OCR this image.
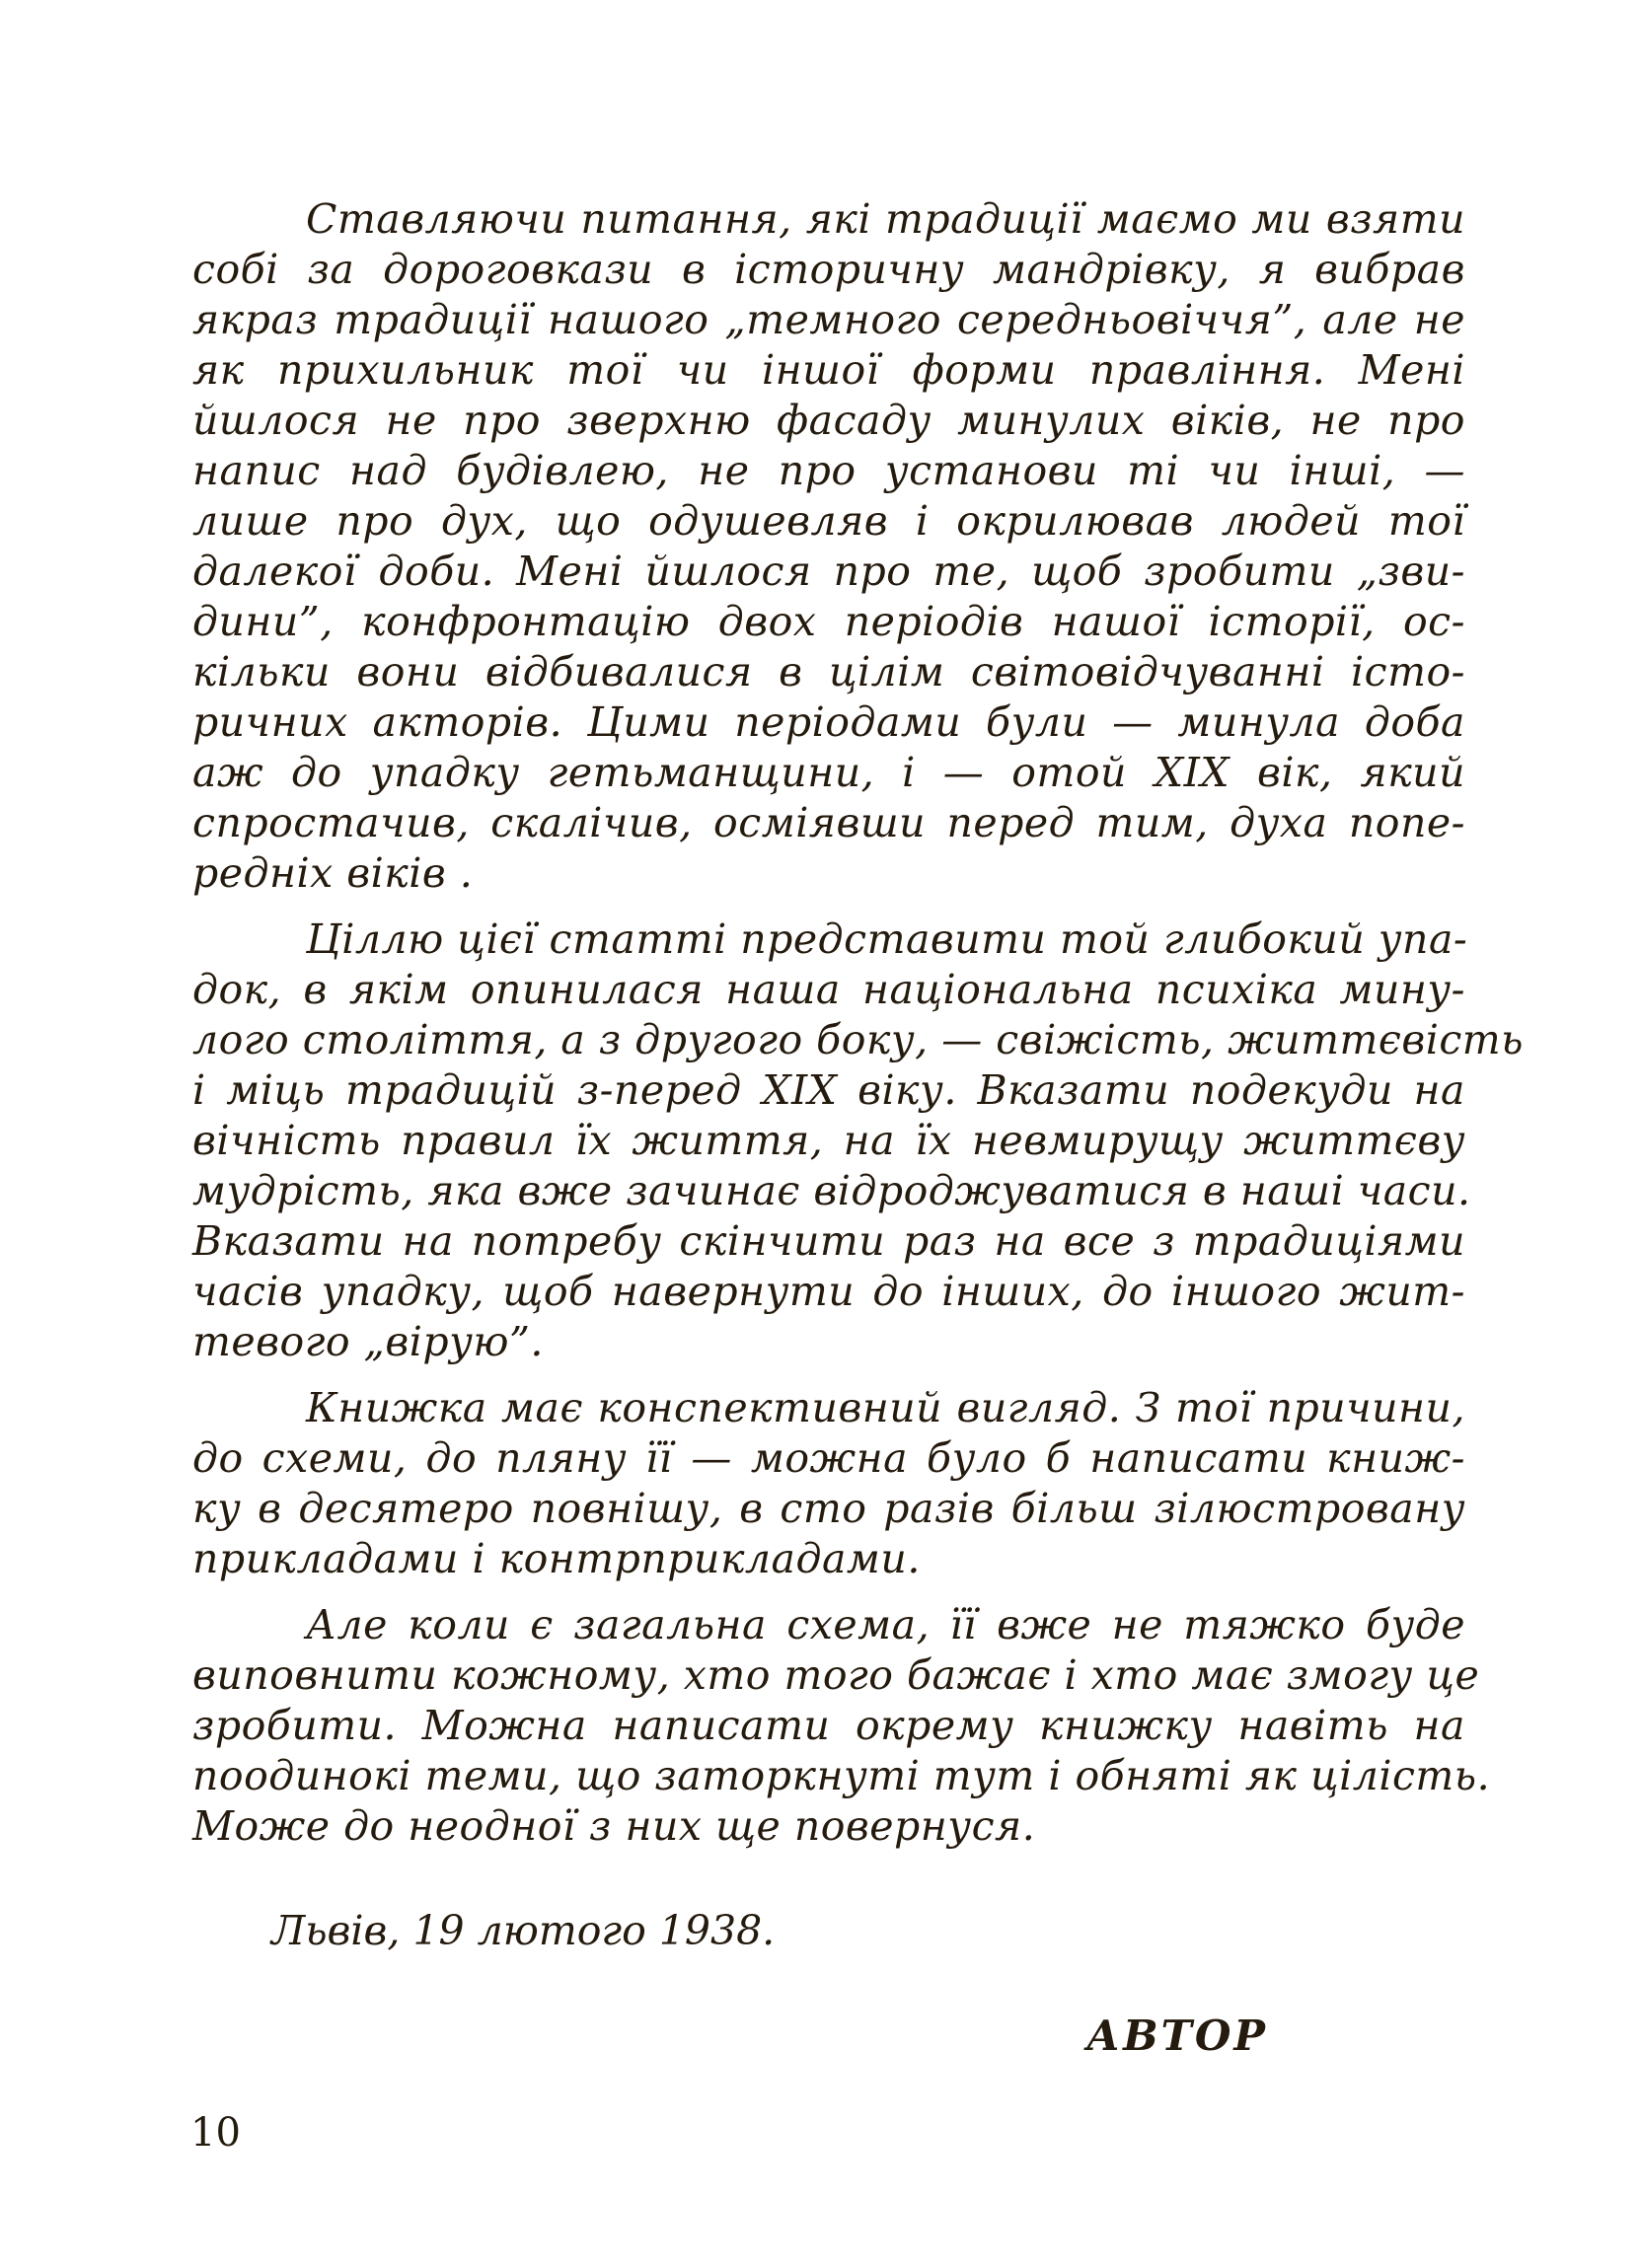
Ставляючи питання, які традиції маємо ми взяти
собі за дороговкази в історичну мандрівку, я вибрав
якраз традиції нашого „темного середньовіччя”, але не
як прихильник тої чи іншої форми правління. Мені
йшлося не про зверхню фасаду минулих віків, не про
напис над будівлею, не про установи ті чи інші, —
лише про дух, що одушевляв і окрилював людей тої
далекої доби. Мені йшлося про те, щоб зробити „зви-
дини”, конфронтацію двох періодів нашої історії, ос-
кільки вони відбивалися в цілім світовідчуванні істо-
ричних акторів. Цими періодами були — минула доба
аж до упадку гетьманщини, і — отой XIX вік, який
спростачив, скалічив, осміявши перед тим, духа попе-
редніх віків .
Ціллю цієї статті представити той глибокий упа-
док, в якім опинилася наша національна психіка мину-
лого століття, а з другого боку, — свіжість, життєвість
і міць традицій з-перед XIX віку. Вказати подекуди на
вічність правил їх життя, на їх невмирущу життєву
мудрість, яка вже зачинає відроджуватися в наші часи.
Вказати на потребу скінчити раз на все з традиціями
часів упадку, щоб навернути до інших, до іншого жит-
тевого „вірую”.
Книжка має конспективний вигляд. З тої причини,
до схеми, до пляну її — можна було б написати книж-
ку в десятеро повнішу, в сто разів більш зілюстровану
прикладами і контрприкладами.
Але коли є загальна схема, її вже не тяжко буде
виповнити кожному, хто того бажає і хто має змогу це
зробити. Можна написати окрему книжку навіть на
поодинокі теми, що заторкнуті тут і обняті як цілість.
Може до неодної з них ще повернуся.

Львів, 19 лютого 1938.

АВТОР

10
